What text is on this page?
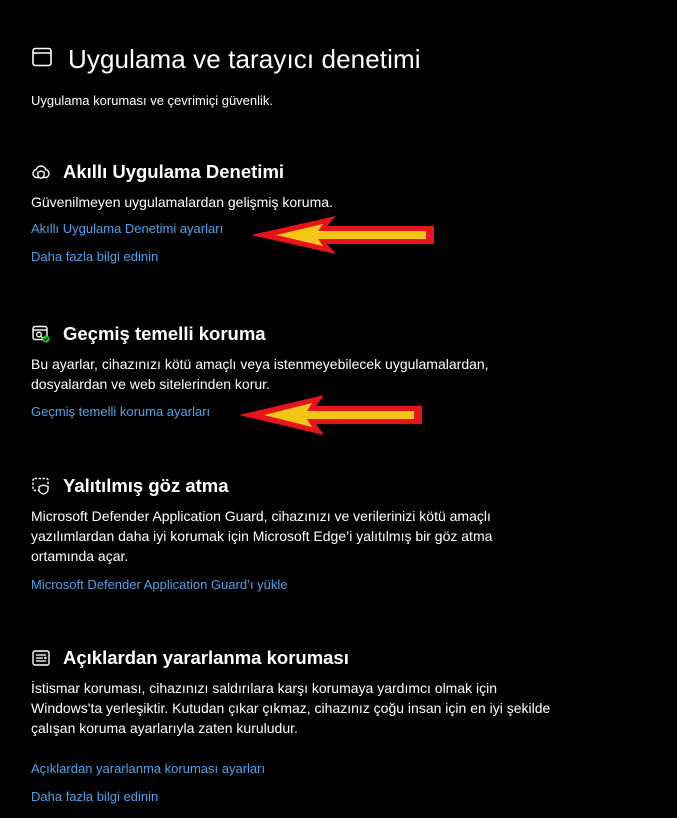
Uygulama ve tarayıcı denetimi
Uygulama koruması ve çevrimiçi güvenlik.
Akıllı Uygulama Denetimi
Güvenilmeyen uygulamalardan gelişmiş koruma.
Akıllı Uygulama Denetimi ayarları
Daha fazla bilgi edinin
Geçmiş temelli koruma
Bu ayarlar, cihazınızı kötü amaçlı veya istenmeyebilecek uygulamalardan, dosyalardan ve web sitelerinden korur.
Geçmiş temelli koruma ayarları
Yalıtılmış göz atma
Microsoft Defender Application Guard, cihazınızı ve verilerinizi kötü amaçlı yazılımlardan daha iyi korumak için Microsoft Edge’i yalıtılmış bir göz atma ortamında açar.
Microsoft Defender Application Guard’ı yükle
Açıklardan yararlanma koruması
İstismar koruması, cihazınızı saldırılara karşı korumaya yardımcı olmak için Windows'ta yerleşiktir. Kutudan çıkar çıkmaz, cihazınız çoğu insan için en iyi şekilde çalışan koruma ayarlarıyla zaten kuruludur.
Açıklardan yararlanma koruması ayarları
Daha fazla bilgi edinin
